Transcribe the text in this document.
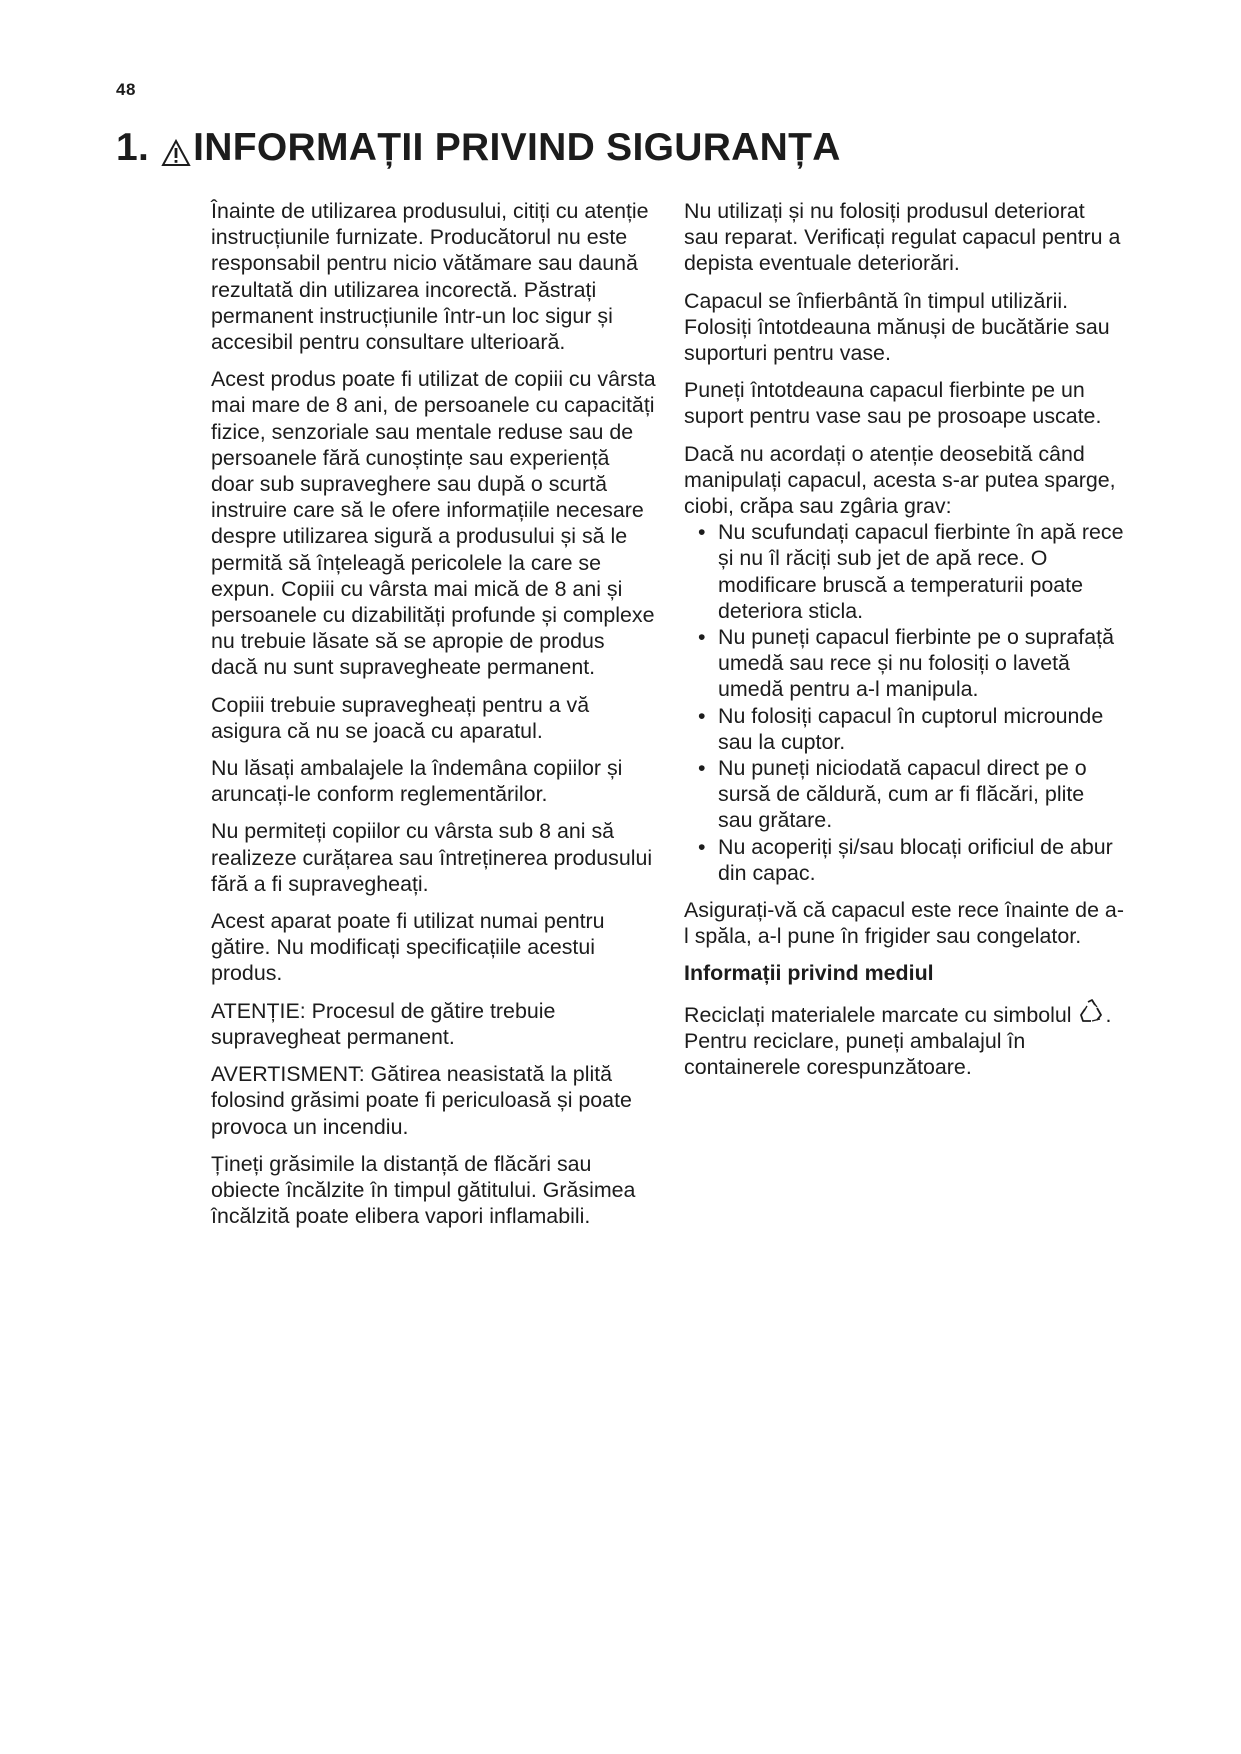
48
1. INFORMAȚII PRIVIND SIGURANȚA

Înainte de utilizarea produsului, citiți cu atenție instrucțiunile furnizate. Producătorul nu este responsabil pentru nicio vătămare sau daună rezultată din utilizarea incorectă. Păstrați permanent instrucțiunile într-un loc sigur și accesibil pentru consultare ulterioară.

Acest produs poate fi utilizat de copiii cu vârsta mai mare de 8 ani, de persoanele cu capacități fizice, senzoriale sau mentale reduse sau de persoanele fără cunoștințe sau experiență doar sub supraveghere sau după o scurtă instruire care să le ofere informațiile necesare despre utilizarea sigură a produsului și să le permită să înțeleagă pericolele la care se expun. Copiii cu vârsta mai mică de 8 ani și persoanele cu dizabilități profunde și complexe nu trebuie lăsate să se apropie de produs dacă nu sunt supravegheate permanent.

Copiii trebuie supravegheați pentru a vă asigura că nu se joacă cu aparatul.

Nu lăsați ambalajele la îndemâna copiilor și aruncați-le conform reglementărilor.

Nu permiteți copiilor cu vârsta sub 8 ani să realizeze curățarea sau întreținerea produsului fără a fi supravegheați.

Acest aparat poate fi utilizat numai pentru gătire. Nu modificați specificațiile acestui produs.

ATENȚIE: Procesul de gătire trebuie supravegheat permanent.

AVERTISMENT: Gătirea neasistată la plită folosind grăsimi poate fi periculoasă și poate provoca un incendiu.

Țineți grăsimile la distanță de flăcări sau obiecte încălzite în timpul gătitului. Grăsimea încălzită poate elibera vapori inflamabili.

Nu utilizați și nu folosiți produsul deteriorat sau reparat. Verificați regulat capacul pentru a depista eventuale deteriorări.

Capacul se înfierbântă în timpul utilizării. Folosiți întotdeauna mănuși de bucătărie sau suporturi pentru vase.

Puneți întotdeauna capacul fierbinte pe un suport pentru vase sau pe prosoape uscate.

Dacă nu acordați o atenție deosebită când manipulați capacul, acesta s-ar putea sparge, ciobi, crăpa sau zgâria grav:

• Nu scufundați capacul fierbinte în apă rece și nu îl răciți sub jet de apă rece. O modificare bruscă a temperaturii poate deteriora sticla.
• Nu puneți capacul fierbinte pe o suprafață umedă sau rece și nu folosiți o lavetă umedă pentru a-l manipula.
• Nu folosiți capacul în cuptorul microunde sau la cuptor.
• Nu puneți niciodată capacul direct pe o sursă de căldură, cum ar fi flăcări, plite sau grătare.
• Nu acoperiți și/sau blocați orificiul de abur din capac.

Asigurați-vă că capacul este rece înainte de a-l spăla, a-l pune în frigider sau congelator.

Informații privind mediul

Reciclați materialele marcate cu simbolul . Pentru reciclare, puneți ambalajul în containerele corespunzătoare.
